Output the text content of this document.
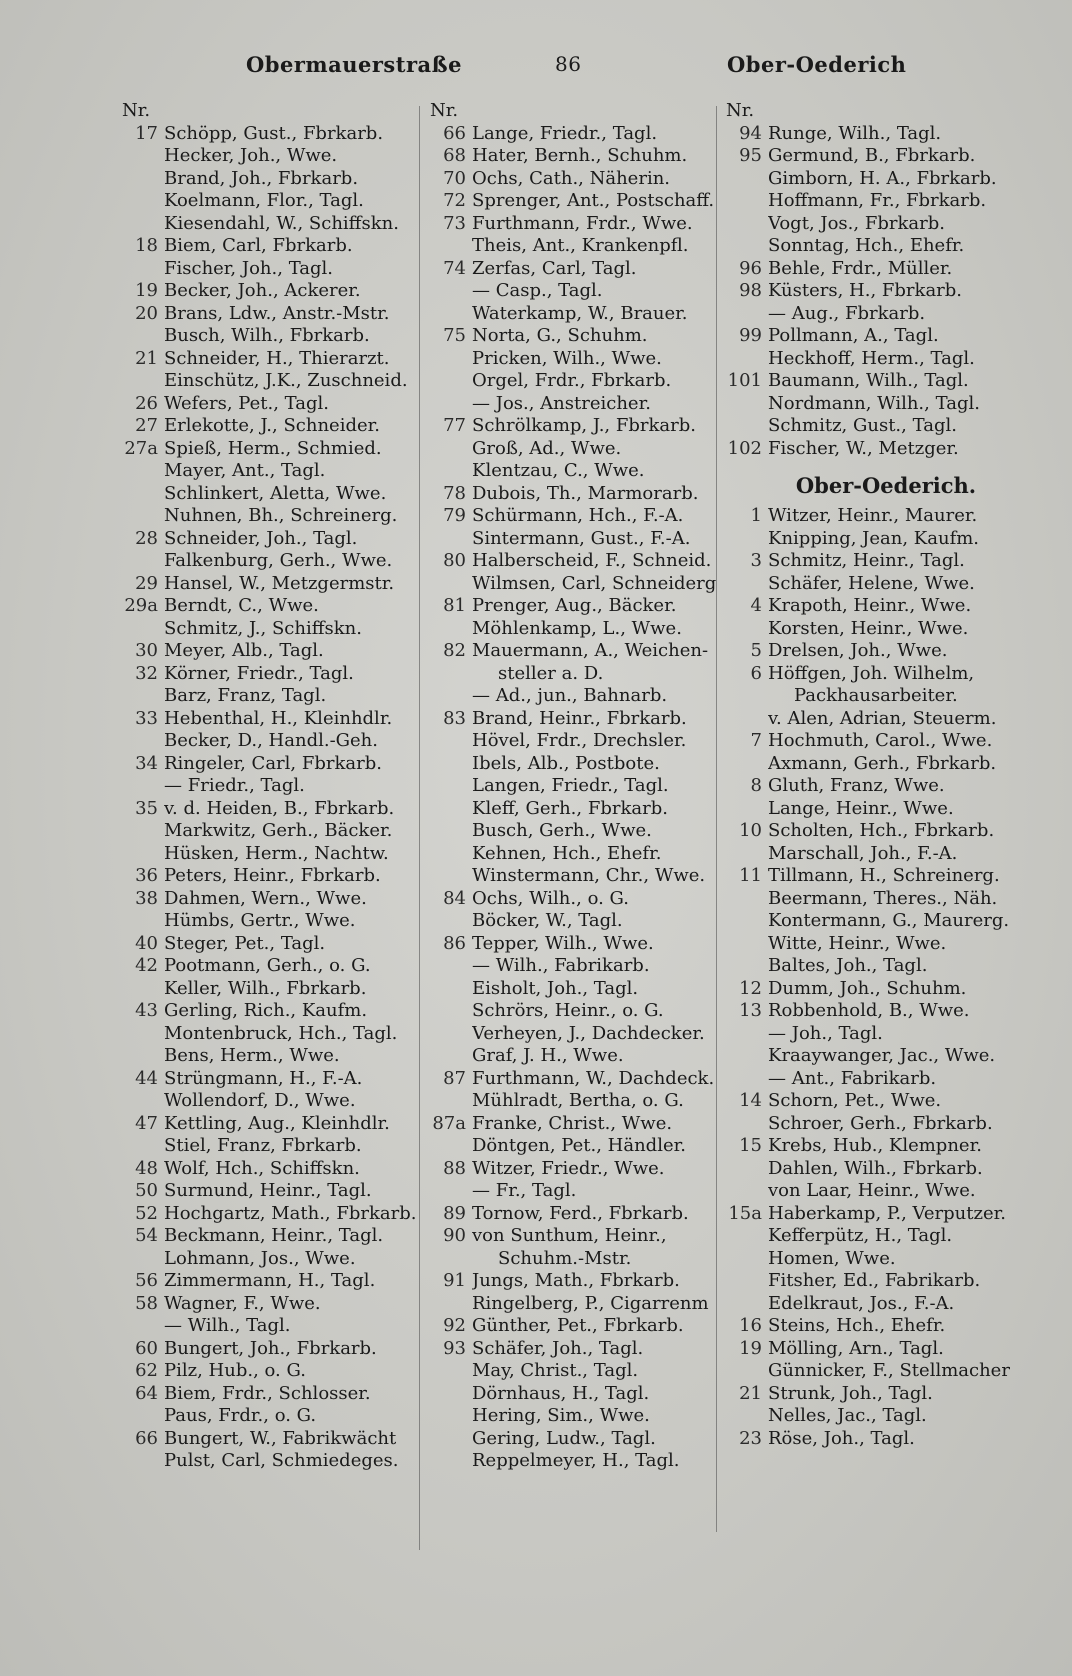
Obermauerstraße	86	Ober-Oederich
Nr.
17 Schöpp, Gust., Fbrkarb.
Hecker, Joh., Wwe.
Brand, Joh., Fbrkarb.
Koelmann, Flor., Tagl.
Kiesendahl, W., Schiffskn.
18 Biem, Carl, Fbrkarb.
Fischer, Joh., Tagl.
19 Becker, Joh., Ackerer.
20 Brans, Ldw., Anstr.-Mstr.
Busch, Wilh., Fbrkarb.
21 Schneider, H., Thierarzt.
Einschütz, J.K., Zuschneid.
26 Wefers, Pet., Tagl.
27 Erlekotte, J., Schneider.
27a Spieß, Herm., Schmied.
Mayer, Ant., Tagl.
Schlinkert, Aletta, Wwe.
Nuhnen, Bh., Schreinerg.
28 Schneider, Joh., Tagl.
Falkenburg, Gerh., Wwe.
29 Hansel, W., Metzgermstr.
29a Berndt, C., Wwe.
Schmitz, J., Schiffskn.
30 Meyer, Alb., Tagl.
32 Körner, Friedr., Tagl.
Barz, Franz, Tagl.
33 Hebenthal, H., Kleinhdlr.
Becker, D., Handl.-Geh.
34 Ringeler, Carl, Fbrkarb.
— Friedr., Tagl.
35 v. d. Heiden, B., Fbrkarb.
Markwitz, Gerh., Bäcker.
Hüsken, Herm., Nachtw.
36 Peters, Heinr., Fbrkarb.
38 Dahmen, Wern., Wwe.
Hümbs, Gertr., Wwe.
40 Steger, Pet., Tagl.
42 Pootmann, Gerh., o. G.
Keller, Wilh., Fbrkarb.
43 Gerling, Rich., Kaufm.
Montenbruck, Hch., Tagl.
Bens, Herm., Wwe.
44 Strüngmann, H., F.-A.
Wollendorf, D., Wwe.
47 Kettling, Aug., Kleinhdlr.
Stiel, Franz, Fbrkarb.
48 Wolf, Hch., Schiffskn.
50 Surmund, Heinr., Tagl.
52 Hochgartz, Math., Fbrkarb.
54 Beckmann, Heinr., Tagl.
Lohmann, Jos., Wwe.
56 Zimmermann, H., Tagl.
58 Wagner, F., Wwe.
— Wilh., Tagl.
60 Bungert, Joh., Fbrkarb.
62 Pilz, Hub., o. G.
64 Biem, Frdr., Schlosser.
Paus, Frdr., o. G.
66 Bungert, W., Fabrikwächt
Pulst, Carl, Schmiedeges.
Nr.
66 Lange, Friedr., Tagl.
68 Hater, Bernh., Schuhm.
70 Ochs, Cath., Näherin.
72 Sprenger, Ant., Postschaff.
73 Furthmann, Frdr., Wwe.
Theis, Ant., Krankenpfl.
74 Zerfas, Carl, Tagl.
— Casp., Tagl.
Waterkamp, W., Brauer.
75 Norta, G., Schuhm.
Pricken, Wilh., Wwe.
Orgel, Frdr., Fbrkarb.
— Jos., Anstreicher.
77 Schrölkamp, J., Fbrkarb.
Groß, Ad., Wwe.
Klentzau, C., Wwe.
78 Dubois, Th., Marmorarb.
79 Schürmann, Hch., F.-A.
Sintermann, Gust., F.-A.
80 Halberscheid, F., Schneid.
Wilmsen, Carl, Schneiderg
81 Prenger, Aug., Bäcker.
Möhlenkamp, L., Wwe.
82 Mauermann, A., Weichen-
steller a. D.
— Ad., jun., Bahnarb.
83 Brand, Heinr., Fbrkarb.
Hövel, Frdr., Drechsler.
Ibels, Alb., Postbote.
Langen, Friedr., Tagl.
Kleff, Gerh., Fbrkarb.
Busch, Gerh., Wwe.
Kehnen, Hch., Ehefr.
Winstermann, Chr., Wwe.
84 Ochs, Wilh., o. G.
Böcker, W., Tagl.
86 Tepper, Wilh., Wwe.
— Wilh., Fabrikarb.
Eisholt, Joh., Tagl.
Schrörs, Heinr., o. G.
Verheyen, J., Dachdecker.
Graf, J. H., Wwe.
87 Furthmann, W., Dachdeck.
Mühlradt, Bertha, o. G.
87a Franke, Christ., Wwe.
Döntgen, Pet., Händler.
88 Witzer, Friedr., Wwe.
— Fr., Tagl.
89 Tornow, Ferd., Fbrkarb.
90 von Sunthum, Heinr.,
Schuhm.-Mstr.
91 Jungs, Math., Fbrkarb.
Ringelberg, P., Cigarrenm
92 Günther, Pet., Fbrkarb.
93 Schäfer, Joh., Tagl.
May, Christ., Tagl.
Dörnhaus, H., Tagl.
Hering, Sim., Wwe.
Gering, Ludw., Tagl.
Reppelmeyer, H., Tagl.
Nr.
94 Runge, Wilh., Tagl.
95 Germund, B., Fbrkarb.
Gimborn, H. A., Fbrkarb.
Hoffmann, Fr., Fbrkarb.
Vogt, Jos., Fbrkarb.
Sonntag, Hch., Ehefr.
96 Behle, Frdr., Müller.
98 Küsters, H., Fbrkarb.
— Aug., Fbrkarb.
99 Pollmann, A., Tagl.
Heckhoff, Herm., Tagl.
101 Baumann, Wilh., Tagl.
Nordmann, Wilh., Tagl.
Schmitz, Gust., Tagl.
102 Fischer, W., Metzger.
Ober-Oederich.
1 Witzer, Heinr., Maurer.
Knipping, Jean, Kaufm.
3 Schmitz, Heinr., Tagl.
Schäfer, Helene, Wwe.
4 Krapoth, Heinr., Wwe.
Korsten, Heinr., Wwe.
5 Drelsen, Joh., Wwe.
6 Höffgen, Joh. Wilhelm,
Packhausarbeiter.
v. Alen, Adrian, Steuerm.
7 Hochmuth, Carol., Wwe.
Axmann, Gerh., Fbrkarb.
8 Gluth, Franz, Wwe.
Lange, Heinr., Wwe.
10 Scholten, Hch., Fbrkarb.
Marschall, Joh., F.-A.
11 Tillmann, H., Schreinerg.
Beermann, Theres., Näh.
Kontermann, G., Maurerg.
Witte, Heinr., Wwe.
Baltes, Joh., Tagl.
12 Dumm, Joh., Schuhm.
13 Robbenhold, B., Wwe.
— Joh., Tagl.
Kraaywanger, Jac., Wwe.
— Ant., Fabrikarb.
14 Schorn, Pet., Wwe.
Schroer, Gerh., Fbrkarb.
15 Krebs, Hub., Klempner.
Dahlen, Wilh., Fbrkarb.
von Laar, Heinr., Wwe.
15a Haberkamp, P., Verputzer.
Kefferpütz, H., Tagl.
Homen, Wwe.
Fitsher, Ed., Fabrikarb.
Edelkraut, Jos., F.-A.
16 Steins, Hch., Ehefr.
19 Mölling, Arn., Tagl.
Günnicker, F., Stellmacher
21 Strunk, Joh., Tagl.
Nelles, Jac., Tagl.
23 Röse, Joh., Tagl.
